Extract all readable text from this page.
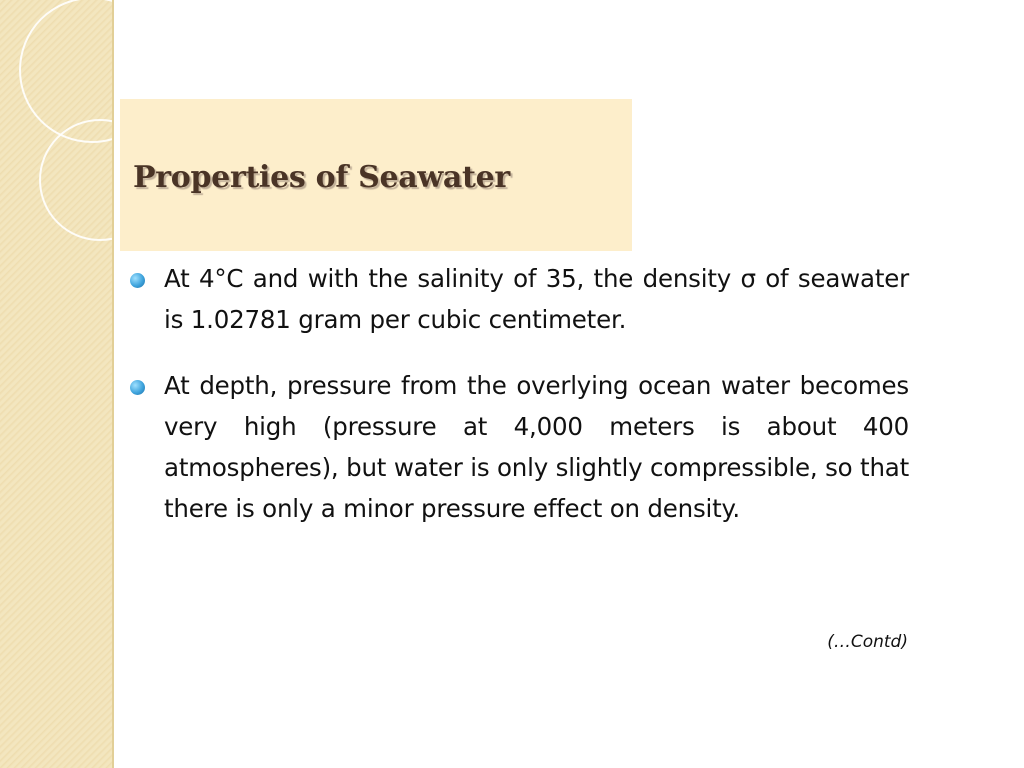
Properties of Seawater

At 4°C and with the salinity of 35, the density σ of seawater is 1.02781 gram per cubic centimeter.

At depth, pressure from the overlying ocean water becomes very high (pressure at 4,000 meters is about 400 atmospheres), but water is only slightly compressible, so that there is only a minor pressure effect on density.

(…Contd)
